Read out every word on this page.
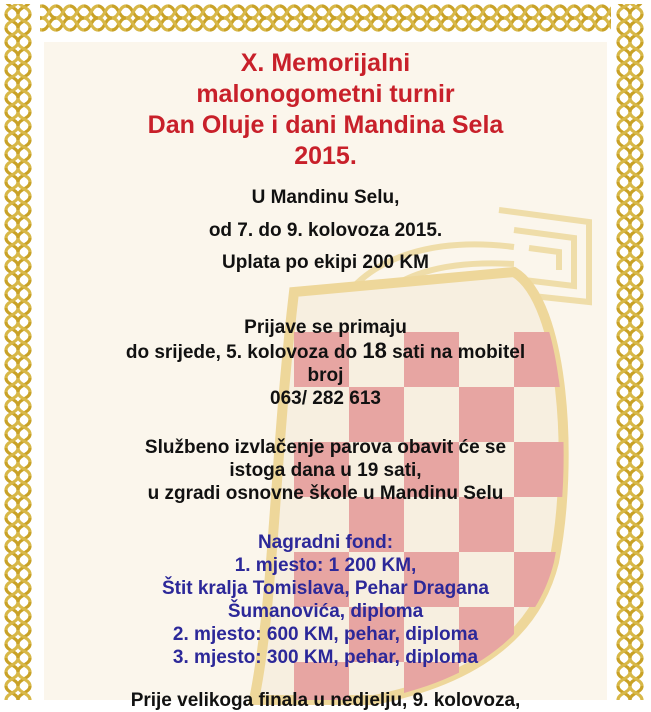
X. Memorijalni

malonogometni turnir

Dan Oluje i dani Mandina Sela

2015.

U Mandinu Selu,

od 7. do 9. kolovoza 2015.

Uplata po ekipi 200 KM

Prijave se primaju

do srijede, 5. kolovoza do 18 sati na mobitel

broj

063/ 282 613

Službeno izvlačenje parova obavit će se

istoga dana u 19 sati,

u zgradi osnovne škole u Mandinu Selu

Nagradni fond:

1. mjesto: 1 200 KM,

Štit kralja Tomislava, Pehar Dragana

Šumanovića, diploma

2. mjesto: 600 KM, pehar, diploma

3. mjesto: 300 KM, pehar, diploma

Prije velikoga finala u nedjelju, 9. kolovoza,
